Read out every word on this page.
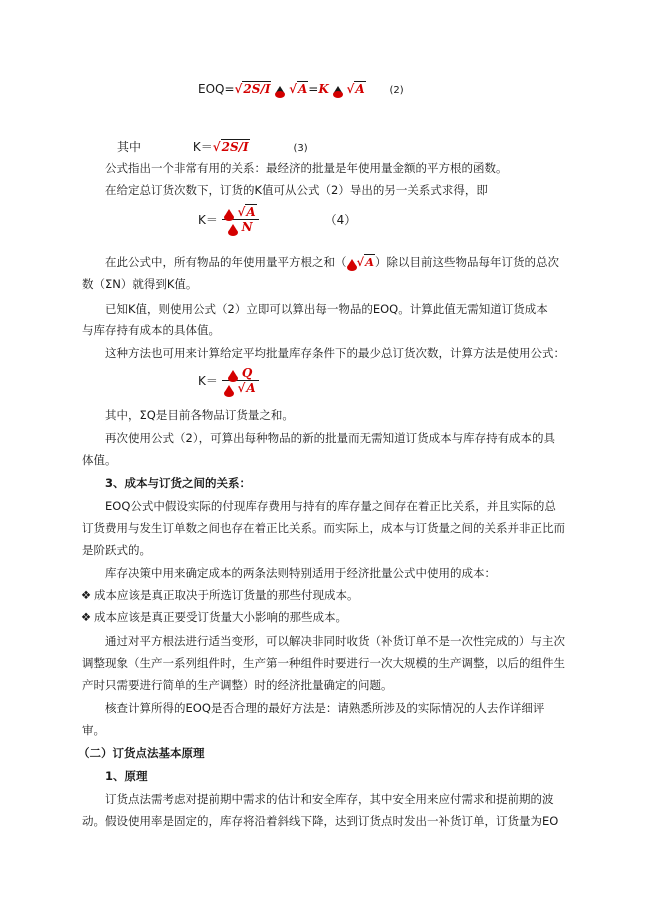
EOQ=√2S/I √A=K √A (2)
其中	K＝√2S/I	(3)
公式指出一个非常有用的关系：最经济的批量是年使用量金额的平方根的函数。
在给定总订货次数下，订货的K值可从公式（2）导出的另一关系式求得，即
$K= \frac{√A}{N}$	（4）
在此公式中，所有物品的年使用量平方根之和（ √A）除以目前这些物品每年订货的总次
数（ΣN）就得到K值。
已知K值，则使用公式（2）立即可以算出每一物品的EOQ。计算此值无需知道订货成本
与库存持有成本的具体值。
这种方法也可用来计算给定平均批量库存条件下的最少总订货次数，计算方法是使用公式：
$K= \frac{Q}{√A}$
其中，ΣQ是目前各物品订货量之和。
再次使用公式（2），可算出每种物品的新的批量而无需知道订货成本与库存持有成本的具
体值。
3、成本与订货之间的关系：
EOQ公式中假设实际的付现库存费用与持有的库存量之间存在着正比关系，并且实际的总
订货费用与发生订单数之间也存在着正比关系。而实际上，成本与订货量之间的关系并非正比而
是阶跃式的。
库存决策中用来确定成本的两条法则特别适用于经济批量公式中使用的成本：
❖ 成本应该是真正取决于所选订货量的那些付现成本。
❖ 成本应该是真正要受订货量大小影响的那些成本。
通过对平方根法进行适当变形，可以解决非同时收货（补货订单不是一次性完成的）与主次
调整现象（生产一系列组件时，生产第一种组件时要进行一次大规模的生产调整，以后的组件生
产时只需要进行简单的生产调整）时的经济批量确定的问题。
核查计算所得的EOQ是否合理的最好方法是：请熟悉所涉及的实际情况的人去作详细评
审。
（二）订货点法基本原理
1、原理
订货点法需考虑对提前期中需求的估计和安全库存，其中安全用来应付需求和提前期的波
动。假设使用率是固定的，库存将沿着斜线下降，达到订货点时发出一补货订单，订货量为EO
